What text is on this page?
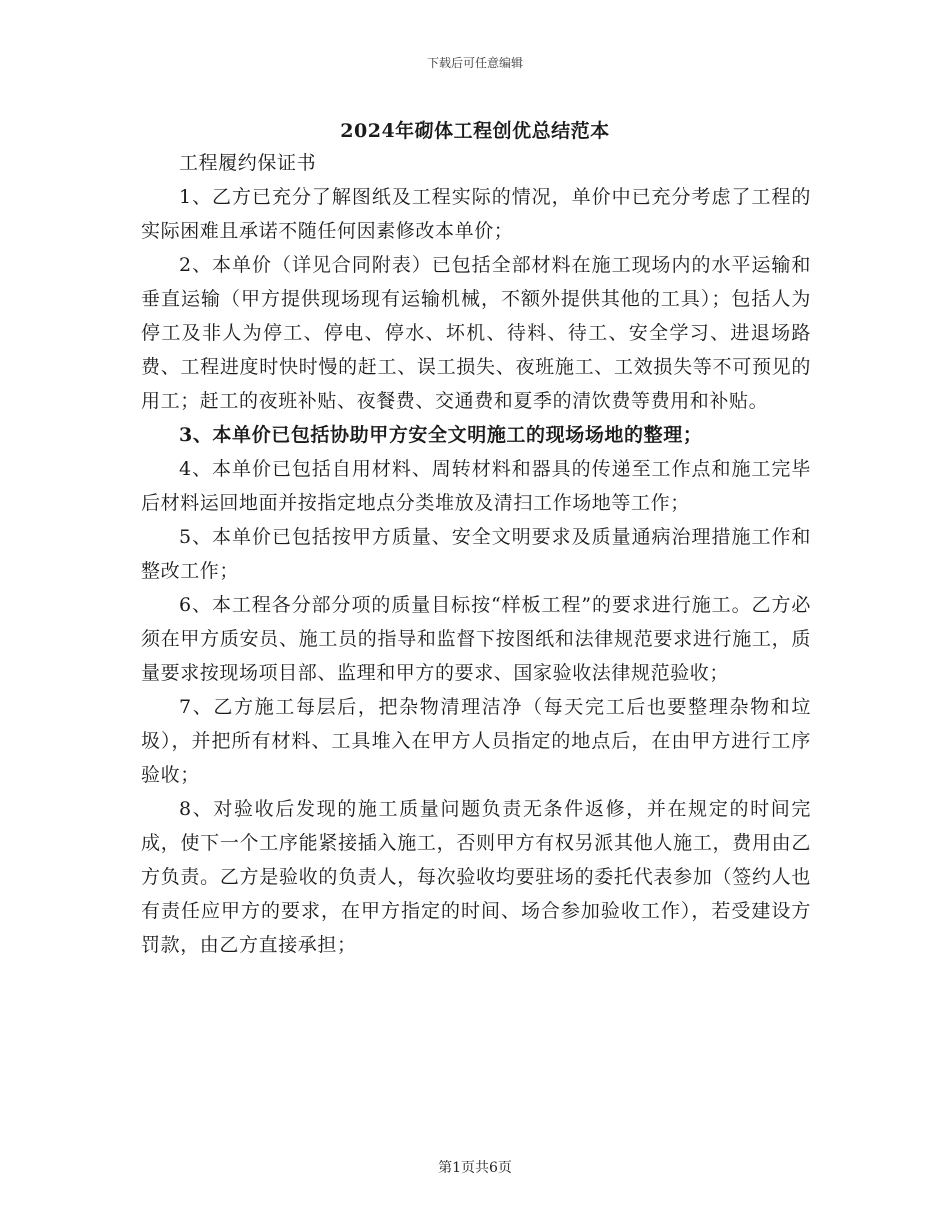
下载后可任意编辑
2024年砌体工程创优总结范本

工程履约保证书

1、乙方已充分了解图纸及工程实际的情况，单价中已充分考虑了工程的实际困难且承诺不随任何因素修改本单价；

2、本单价（详见合同附表）已包括全部材料在施工现场内的水平运输和垂直运输（甲方提供现场现有运输机械，不额外提供其他的工具）；包括人为停工及非人为停工、停电、停水、坏机、待料、待工、安全学习、进退场路费、工程进度时快时慢的赶工、误工损失、夜班施工、工效损失等不可预见的用工；赶工的夜班补贴、夜餐费、交通费和夏季的清饮费等费用和补贴。

3、本单价已包括协助甲方安全文明施工的现场场地的整理；

4、本单价已包括自用材料、周转材料和器具的传递至工作点和施工完毕后材料运回地面并按指定地点分类堆放及清扫工作场地等工作；

5、本单价已包括按甲方质量、安全文明要求及质量通病治理措施工作和整改工作；

6、本工程各分部分项的质量目标按“样板工程”的要求进行施工。乙方必须在甲方质安员、施工员的指导和监督下按图纸和法律规范要求进行施工，质量要求按现场项目部、监理和甲方的要求、国家验收法律规范验收；

7、乙方施工每层后，把杂物清理洁净（每天完工后也要整理杂物和垃圾），并把所有材料、工具堆入在甲方人员指定的地点后，在由甲方进行工序验收；

8、对验收后发现的施工质量问题负责无条件返修，并在规定的时间完成，使下一个工序能紧接插入施工，否则甲方有权另派其他人施工，费用由乙方负责。乙方是验收的负责人，每次验收均要驻场的委托代表参加（签约人也有责任应甲方的要求，在甲方指定的时间、场合参加验收工作），若受建设方罚款，由乙方直接承担；

第1页共6页
